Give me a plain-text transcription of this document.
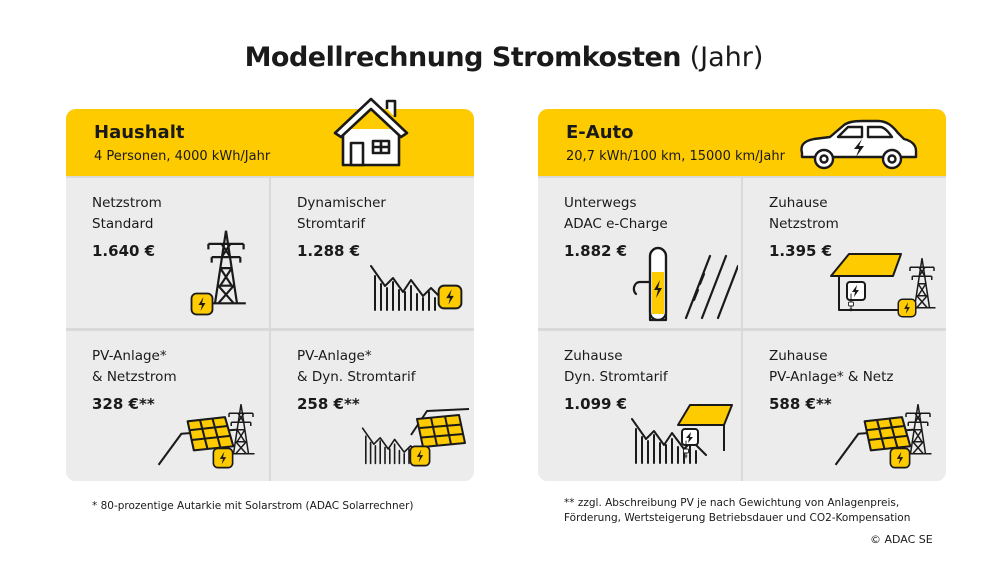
Modellrechnung Stromkosten (Jahr)
Haushalt
4 Personen, 4000 kWh/Jahr
Netzstrom
Standard
1.640 €
Dynamischer
Stromtarif
1.288 €
PV-Anlage*
& Netzstrom
328 €**
PV-Anlage*
& Dyn. Stromtarif
258 €**
E-Auto
20,7 kWh/100 km, 15000 km/Jahr
Unterwegs
ADAC e-Charge
1.882 €
Zuhause
Netzstrom
1.395 €
Zuhause
Dyn. Stromtarif
1.099 €
Zuhause
PV-Anlage* & Netz
588 €**
* 80-prozentige Autarkie mit Solarstrom (ADAC Solarrechner)	** zzgl. Abschreibung PV je nach Gewichtung von Anlagenpreis,
Förderung, Wertsteigerung Betriebsdauer und CO2-Kompensation
© ADAC SE
